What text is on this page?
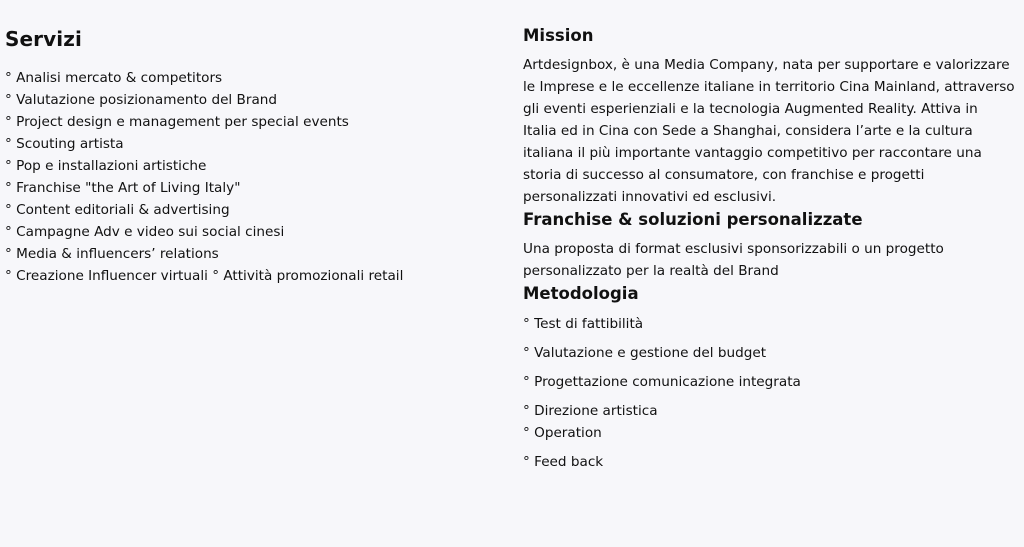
Servizi
° Analisi mercato & competitors
° Valutazione posizionamento del Brand
° Project design e management per special events
° Scouting artista
° Pop e installazioni artistiche
° Franchise "the Art of Living Italy"
° Content editoriali & advertising
° Campagne Adv e video sui social cinesi
° Media & influencers’ relations
° Creazione Influencer virtuali ° Attività promozionali retail
Mission

Artdesignbox, è una Media Company, nata per supportare e valorizzare le Imprese e le eccellenze italiane in territorio Cina Mainland, attraverso gli eventi esperienziali e la tecnologia Augmented Reality. Attiva in Italia ed in Cina con Sede a Shanghai, considera l’arte e la cultura italiana il più importante vantaggio competitivo per raccontare una storia di successo al consumatore, con franchise e progetti personalizzati innovativi ed esclusivi.

Franchise & soluzioni personalizzate

Una proposta di format esclusivi sponsorizzabili o un progetto personalizzato per la realtà del Brand

Metodologia
° Test di fattibilità
° Valutazione e gestione del budget
° Progettazione comunicazione integrata
° Direzione artistica
° Operation
° Feed back
